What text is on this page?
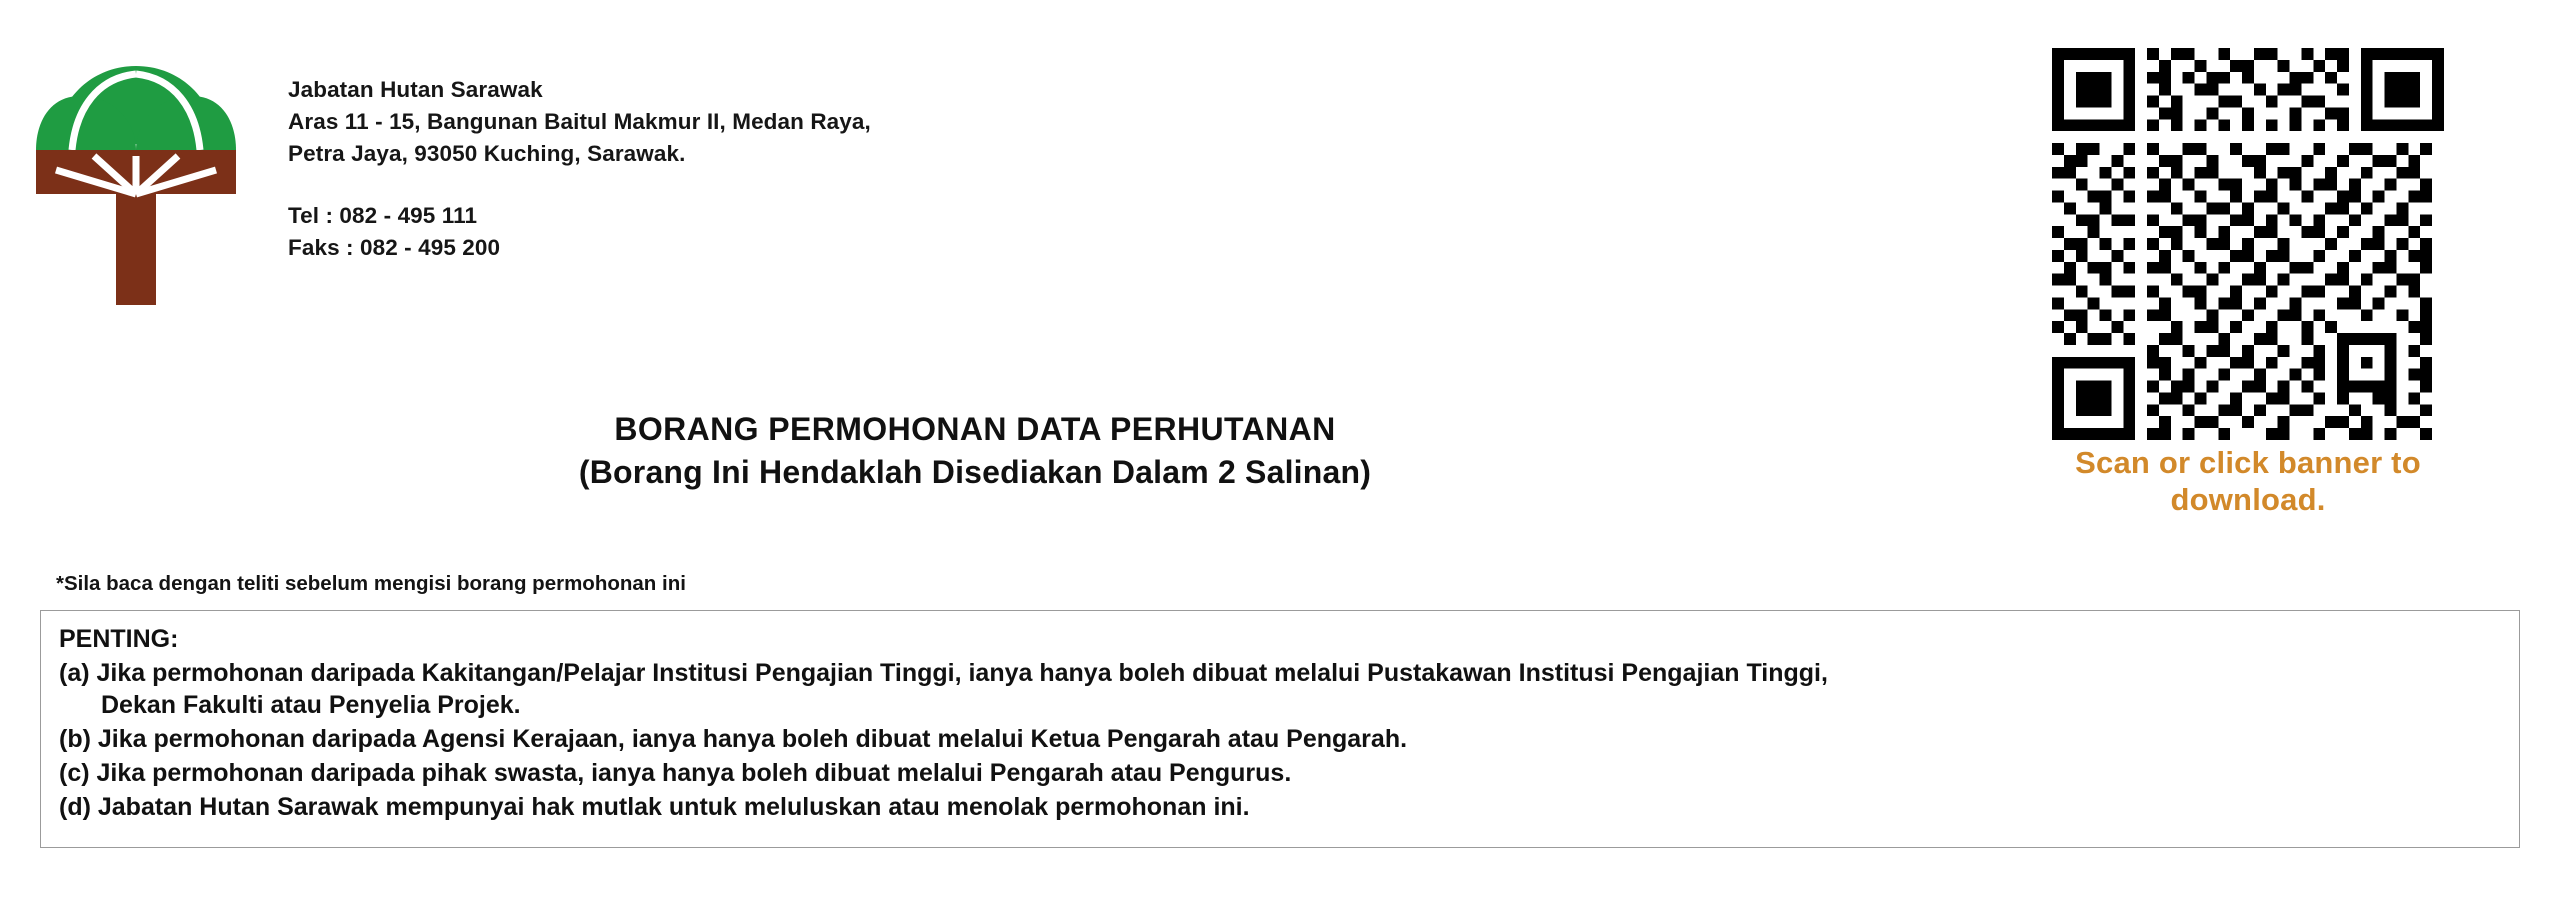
Jabatan Hutan Sarawak
Aras 11 - 15, Bangunan Baitul Makmur II, Medan Raya,
Petra Jaya, 93050 Kuching, Sarawak.
Tel : 082 - 495 111
Faks : 082 - 495 200
Scan or click banner to
download.
BORANG PERMOHONAN DATA PERHUTANAN
(Borang Ini Hendaklah Disediakan Dalam 2 Salinan)
*Sila baca dengan teliti sebelum mengisi borang permohonan ini
PENTING:
(a) Jika permohonan daripada Kakitangan/Pelajar Institusi Pengajian Tinggi, ianya hanya boleh dibuat melalui Pustakawan Institusi Pengajian Tinggi,
Dekan Fakulti atau Penyelia Projek.
(b) Jika permohonan daripada Agensi Kerajaan, ianya hanya boleh dibuat melalui Ketua Pengarah atau Pengarah.
(c) Jika permohonan daripada pihak swasta, ianya hanya boleh dibuat melalui Pengarah atau Pengurus.
(d) Jabatan Hutan Sarawak mempunyai hak mutlak untuk meluluskan atau menolak permohonan ini.
